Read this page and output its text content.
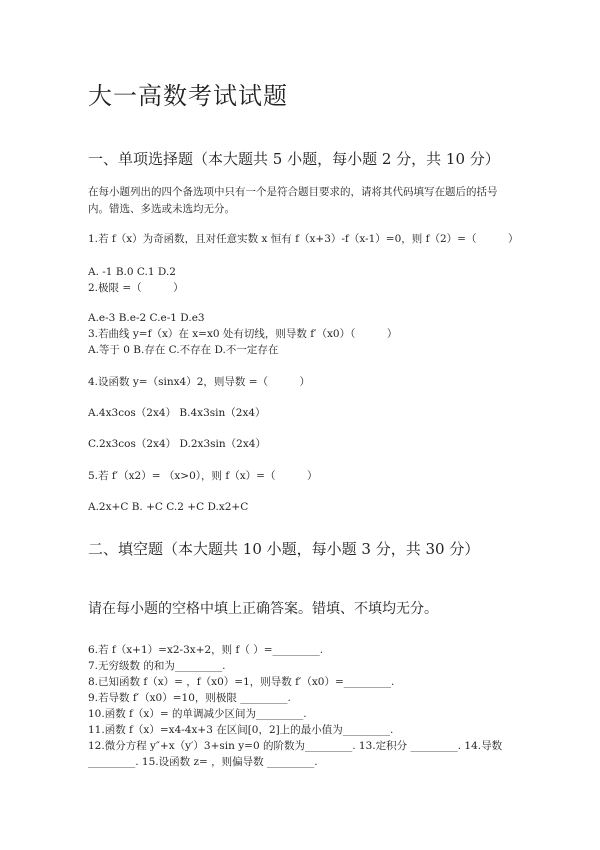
大一高数考试试题
一、单项选择题（本大题共 5 小题，每小题 2 分，共 10 分）
在每小题列出的四个备选项中只有一个是符合题目要求的，请将其代码填写在题后的括号
内。错选、多选或未选均无分。
1.若 f（x）为奇函数，且对任意实数 x 恒有 f（x+3）-f（x-1）=0，则 f（2）=（　　　）
A. -1 B.0 C.1 D.2
2.极限 =（　　　）
A.e-3 B.e-2 C.e-1 D.e3
3.若曲线 y=f（x）在 x=x0 处有切线，则导数 f′（x0）（　　　）
A.等于 0 B.存在 C.不存在 D.不一定存在
4.设函数 y=（sinx4）2，则导数 =（　　　）
A.4x3cos（2x4） B.4x3sin（2x4）
C.2x3cos（2x4） D.2x3sin（2x4）
5.若 f′（x2）= （x>0），则 f（x）=（　　　）
A.2x+C B. +C C.2 +C D.x2+C
二、填空题（本大题共 10 小题，每小题 3 分，共 30 分）
请在每小题的空格中填上正确答案。错填、不填均无分。
6.若 f（x+1）=x2-3x+2，则 f（ ）=_________.
7.无穷级数 的和为_________.
8.已知函数 f（x）= ，f（x0）=1，则导数 f′（x0）=_________.
9.若导数 f′（x0）=10，则极限 _________.
10.函数 f（x）= 的单调减少区间为_________.
11.函数 f（x）=x4-4x+3 在区间[0，2]上的最小值为_________.
12.微分方程 y″+x（y′）3+sin y=0 的阶数为_________. 13.定积分 _________. 14.导数
_________. 15.设函数 z= ，则偏导数 _________.
